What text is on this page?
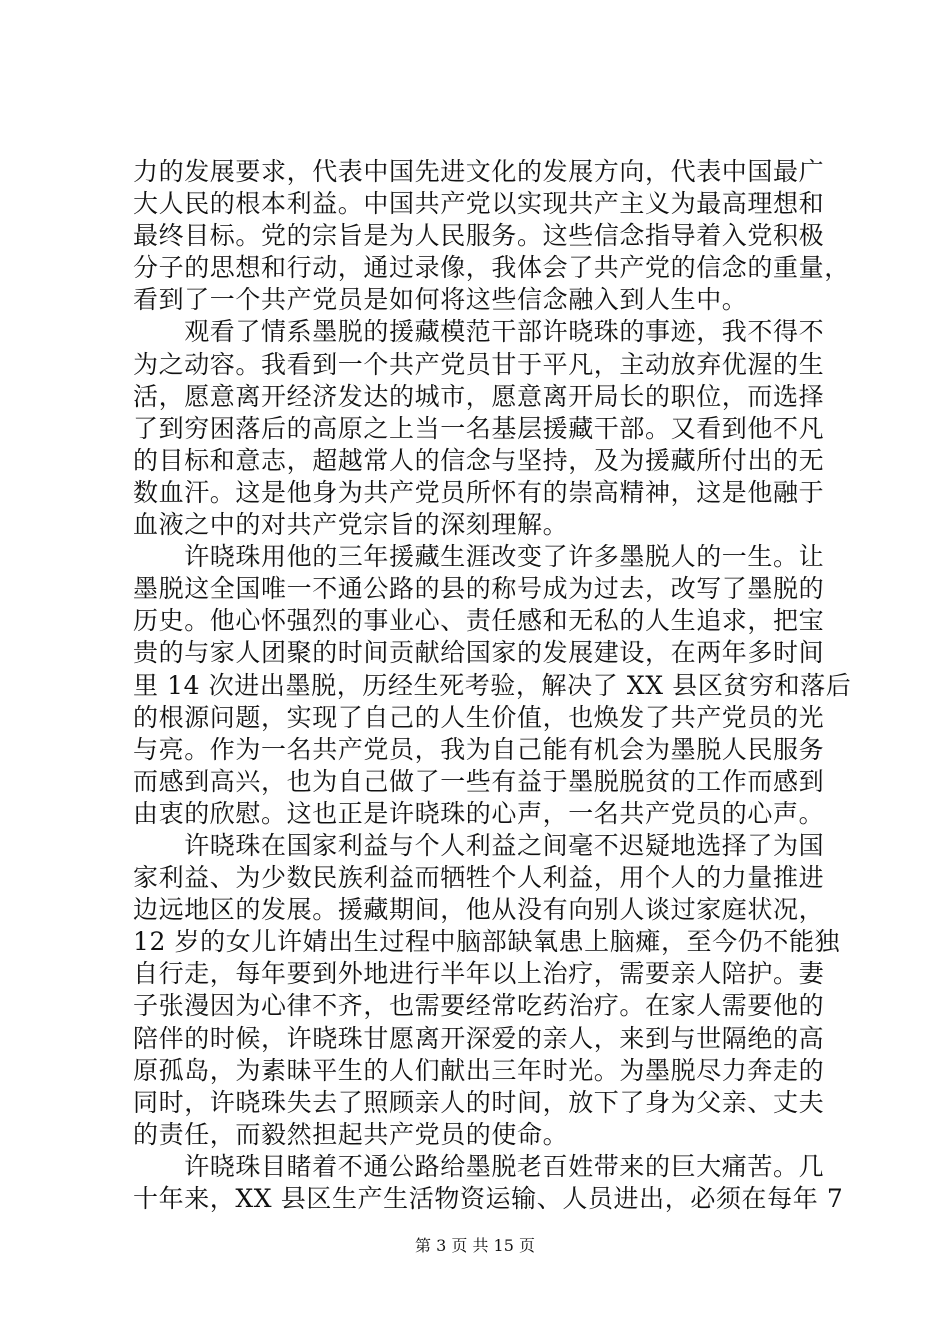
力的发展要求，代表中国先进文化的发展方向，代表中国最广
大人民的根本利益。中国共产党以实现共产主义为最高理想和
最终目标。党的宗旨是为人民服务。这些信念指导着入党积极
分子的思想和行动，通过录像，我体会了共产党的信念的重量，
看到了一个共产党员是如何将这些信念融入到人生中。
　　观看了情系墨脱的援藏模范干部许晓珠的事迹，我不得不
为之动容。我看到一个共产党员甘于平凡，主动放弃优渥的生
活，愿意离开经济发达的城市，愿意离开局长的职位，而选择
了到穷困落后的高原之上当一名基层援藏干部。又看到他不凡
的目标和意志，超越常人的信念与坚持，及为援藏所付出的无
数血汗。这是他身为共产党员所怀有的崇高精神，这是他融于
血液之中的对共产党宗旨的深刻理解。
　　许晓珠用他的三年援藏生涯改变了许多墨脱人的一生。让
墨脱这全国唯一不通公路的县的称号成为过去，改写了墨脱的
历史。他心怀强烈的事业心、责任感和无私的人生追求，把宝
贵的与家人团聚的时间贡献给国家的发展建设，在两年多时间
里 14 次进出墨脱，历经生死考验，解决了 XX 县区贫穷和落后
的根源问题，实现了自己的人生价值，也焕发了共产党员的光
与亮。作为一名共产党员，我为自己能有机会为墨脱人民服务
而感到高兴，也为自己做了一些有益于墨脱脱贫的工作而感到
由衷的欣慰。这也正是许晓珠的心声，一名共产党员的心声。
　　许晓珠在国家利益与个人利益之间毫不迟疑地选择了为国
家利益、为少数民族利益而牺牲个人利益，用个人的力量推进
边远地区的发展。援藏期间，他从没有向别人谈过家庭状况，
12 岁的女儿许婧出生过程中脑部缺氧患上脑瘫，至今仍不能独
自行走，每年要到外地进行半年以上治疗，需要亲人陪护。妻
子张漫因为心律不齐，也需要经常吃药治疗。在家人需要他的
陪伴的时候，许晓珠甘愿离开深爱的亲人，来到与世隔绝的高
原孤岛，为素昧平生的人们献出三年时光。为墨脱尽力奔走的
同时，许晓珠失去了照顾亲人的时间，放下了身为父亲、丈夫
的责任，而毅然担起共产党员的使命。
　　许晓珠目睹着不通公路给墨脱老百姓带来的巨大痛苦。几
十年来，XX 县区生产生活物资运输、人员进出，必须在每年 7
第 3 页 共 15 页
